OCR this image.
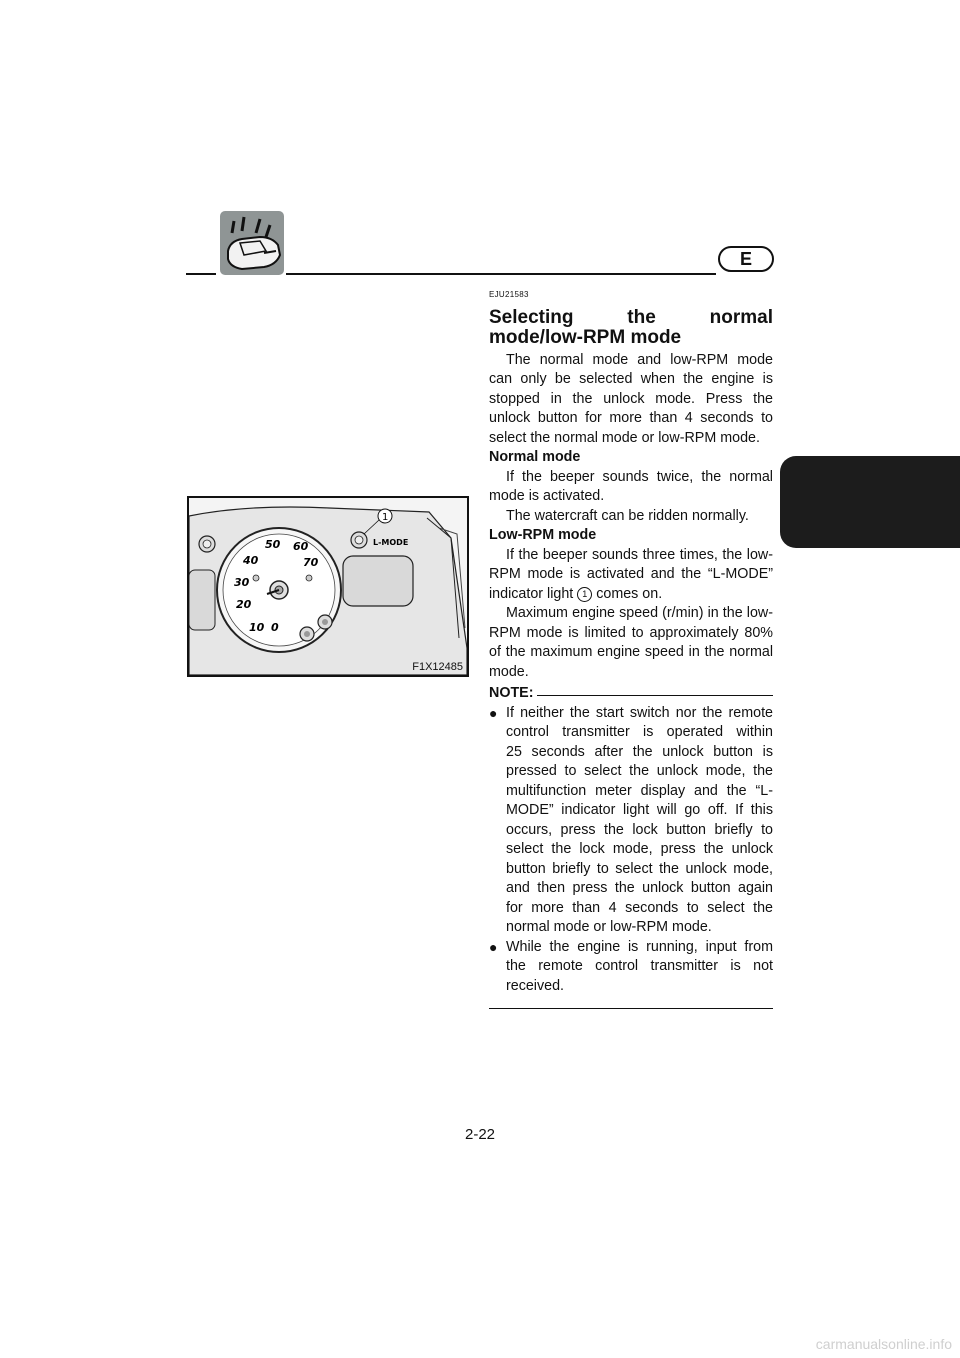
E
10
20
30
40
50 60
70
0
L-MODE
1
F1X12485
EJU21583
Selecting the normal mode/low-RPM mode

The normal mode and low-RPM mode can only be selected when the engine is stopped in the unlock mode. Press the unlock button for more than 4 seconds to select the normal mode or low-RPM mode.

Normal mode

If the beeper sounds twice, the normal mode is activated.

The watercraft can be ridden normally.

Low-RPM mode

If the beeper sounds three times, the low-RPM mode is activated and the “L-MODE” indicator light 1 comes on.

Maximum engine speed (r/min) in the low-RPM mode is limited to approximately 80% of the maximum engine speed in the normal mode.

NOTE:
● If neither the start switch nor the remote control transmitter is operated within 25 seconds after the unlock button is pressed to select the unlock mode, the multifunction meter display and the “L-MODE” indicator light will go off. If this occurs, press the lock button briefly to select the lock mode, press the unlock button briefly to select the unlock mode, and then press the unlock button again for more than 4 seconds to select the normal mode or low-RPM mode.

● While the engine is running, input from the remote control transmitter is not received.

2-22
carmanualsonline.info
